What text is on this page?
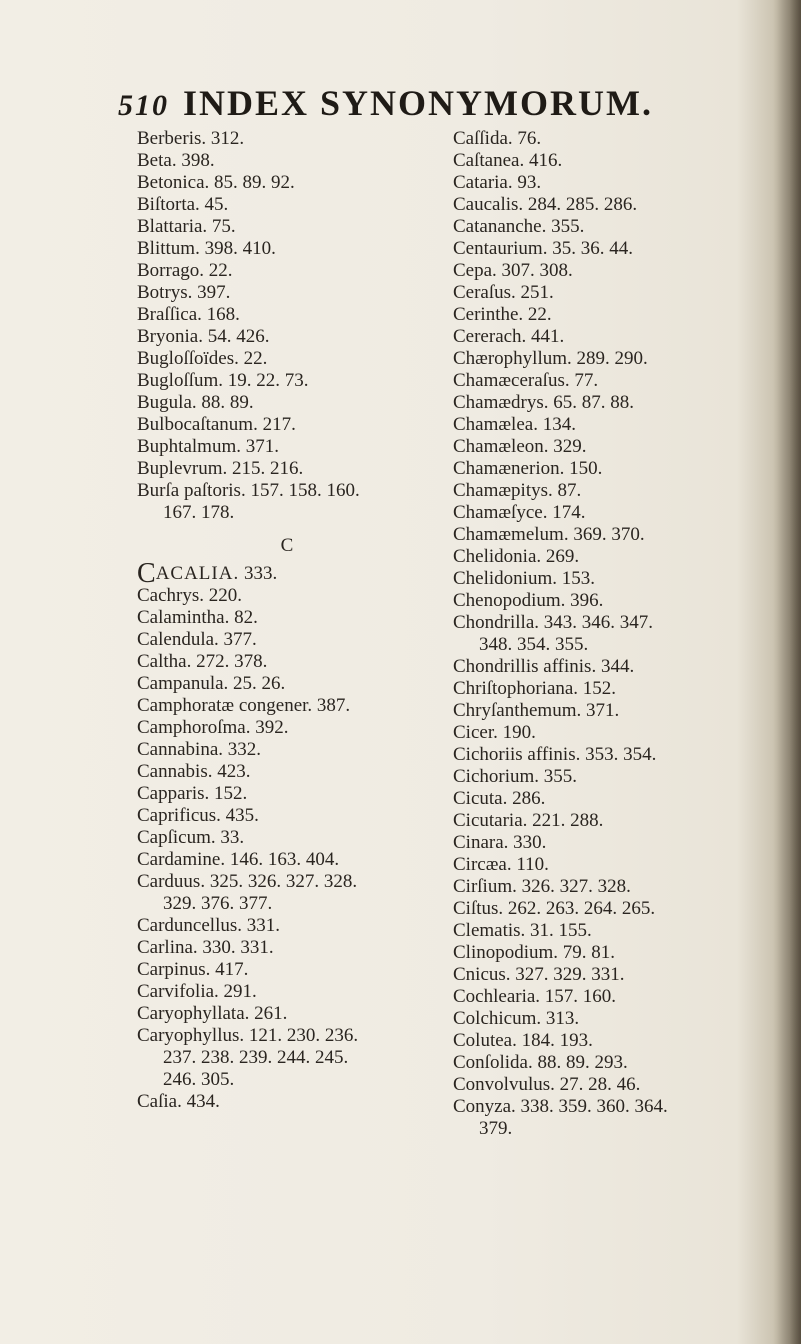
510 INDEX SYNONYMORUM.
Berberis. 312.
Beta. 398.
Betonica. 85. 89. 92.
Biſtorta. 45.
Blattaria. 75.
Blittum. 398. 410.
Borrago. 22.
Botrys. 397.
Braſſica. 168.
Bryonia. 54. 426.
Bugloſſoïdes. 22.
Bugloſſum. 19. 22. 73.
Bugula. 88. 89.
Bulbocaſtanum. 217.
Buphtalmum. 371.
Buplevrum. 215. 216.
Burſa paſtoris. 157. 158. 160.
167. 178.
C
CACALIA. 333.
Cachrys. 220.
Calamintha. 82.
Calendula. 377.
Caltha. 272. 378.
Campanula. 25. 26.
Camphoratæ congener. 387.
Camphoroſma. 392.
Cannabina. 332.
Cannabis. 423.
Capparis. 152.
Caprificus. 435.
Capſicum. 33.
Cardamine. 146. 163. 404.
Carduus. 325. 326. 327. 328.
329. 376. 377.
Carduncellus. 331.
Carlina. 330. 331.
Carpinus. 417.
Carvifolia. 291.
Caryophyllata. 261.
Caryophyllus. 121. 230. 236.
237. 238. 239. 244. 245.
246. 305.
Caſia. 434.
Caſſida. 76.
Caſtanea. 416.
Cataria. 93.
Caucalis. 284. 285. 286.
Catananche. 355.
Centaurium. 35. 36. 44.
Cepa. 307. 308.
Ceraſus. 251.
Cerinthe. 22.
Cererach. 441.
Chærophyllum. 289. 290.
Chamæceraſus. 77.
Chamædrys. 65. 87. 88.
Chamælea. 134.
Chamæleon. 329.
Chamænerion. 150.
Chamæpitys. 87.
Chamæſyce. 174.
Chamæmelum. 369. 370.
Chelidonia. 269.
Chelidonium. 153.
Chenopodium. 396.
Chondrilla. 343. 346. 347.
348. 354. 355.
Chondrillis affinis. 344.
Chriſtophoriana. 152.
Chryſanthemum. 371.
Cicer. 190.
Cichoriis affinis. 353. 354.
Cichorium. 355.
Cicuta. 286.
Cicutaria. 221. 288.
Cinara. 330.
Circæa. 110.
Cirſium. 326. 327. 328.
Ciſtus. 262. 263. 264. 265.
Clematis. 31. 155.
Clinopodium. 79. 81.
Cnicus. 327. 329. 331.
Cochlearia. 157. 160.
Colchicum. 313.
Colutea. 184. 193.
Conſolida. 88. 89. 293.
Convolvulus. 27. 28. 46.
Conyza. 338. 359. 360. 364.
379.
